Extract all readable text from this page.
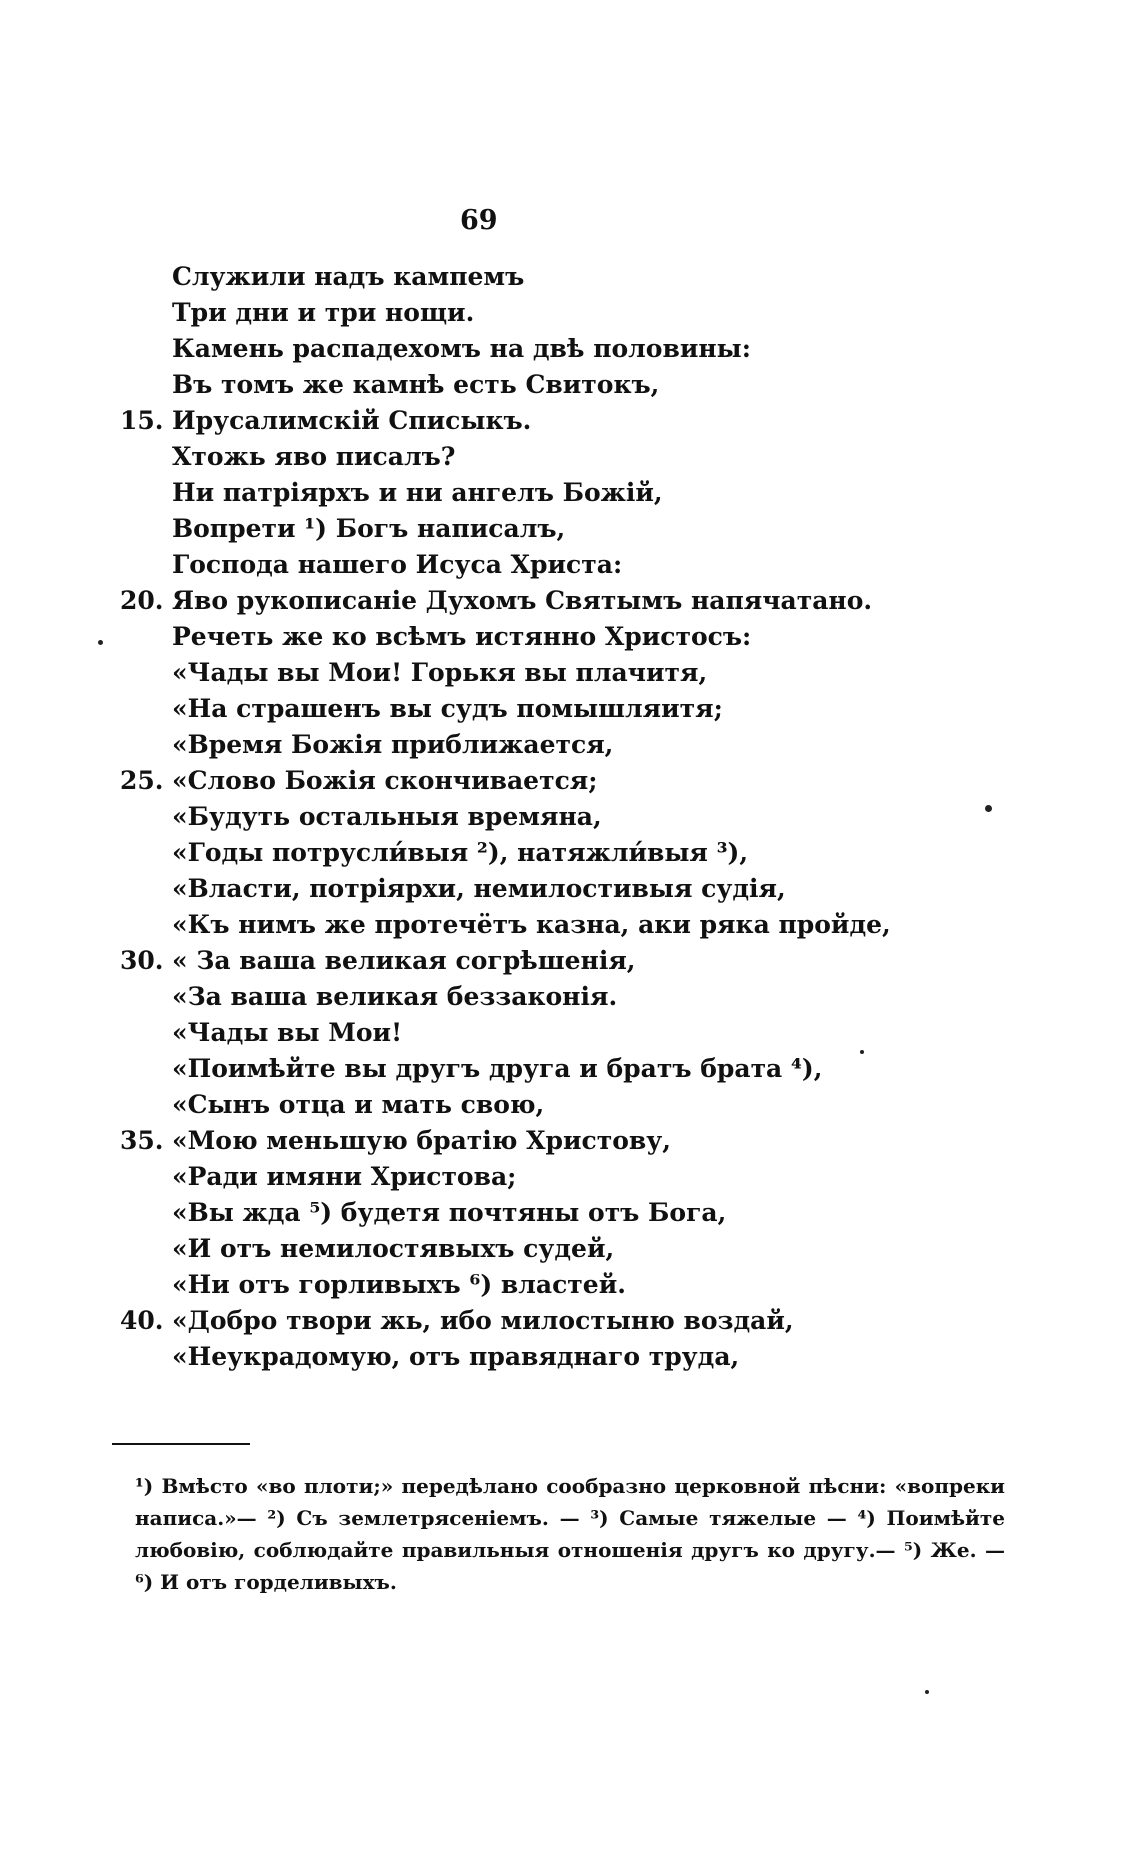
69
Служили надъ кампемъ
Три дни и три нощи.
Камень распадехомъ на двѣ половины:
Въ томъ же камнѣ есть Свитокъ,
15. Ирусалимскій Списыкъ.
Хтожь яво писалъ?
Ни патріярхъ и ни ангелъ Божій,
Вопрети ¹) Богъ написалъ,
Господа нашего Исуса Христа:
20. Яво рукописаніе Духомъ Святымъ напячатано.
Речеть же ко всѣмъ истянно Христосъ:
«Чады вы Мои! Горькя вы плачитя,
«На страшенъ вы судъ помышляитя;
«Время Божія приближается,
25. «Слово Божія скончивается;
«Будуть остальныя времяна,
«Годы потрусли́выя ²), натяжли́выя ³),
«Власти, потріярхи, немилостивыя судія,
«Къ нимъ же протечётъ казна, аки ряка пройде,
30. « За ваша великая согрѣшенія,
«За ваша великая беззаконія.
«Чады вы Мои!
«Поимѣйте вы другъ друга и братъ брата ⁴),
«Сынъ отца и мать свою,
35. «Мою меньшую братію Христову,
«Ради имяни Христова;
«Вы жда ⁵) будетя почтяны отъ Бога,
«И отъ немилостявыхъ судей,
«Ни отъ горливыхъ ⁶) властей.
40. «Добро твори жь, ибо милостыню воздай,
«Неукрадомую, отъ правяднаго труда,
¹) Вмѣсто «во плоти;» передѣлано сообразно церковной пѣсни: «вопреки написа.»— ²) Съ землетрясеніемъ. — ³) Самые тяжелые — ⁴) Поимѣйте любовію, соблюдайте правильныя отношенія другъ ко другу.— ⁵) Же. — ⁶) И отъ горделивыхъ.
